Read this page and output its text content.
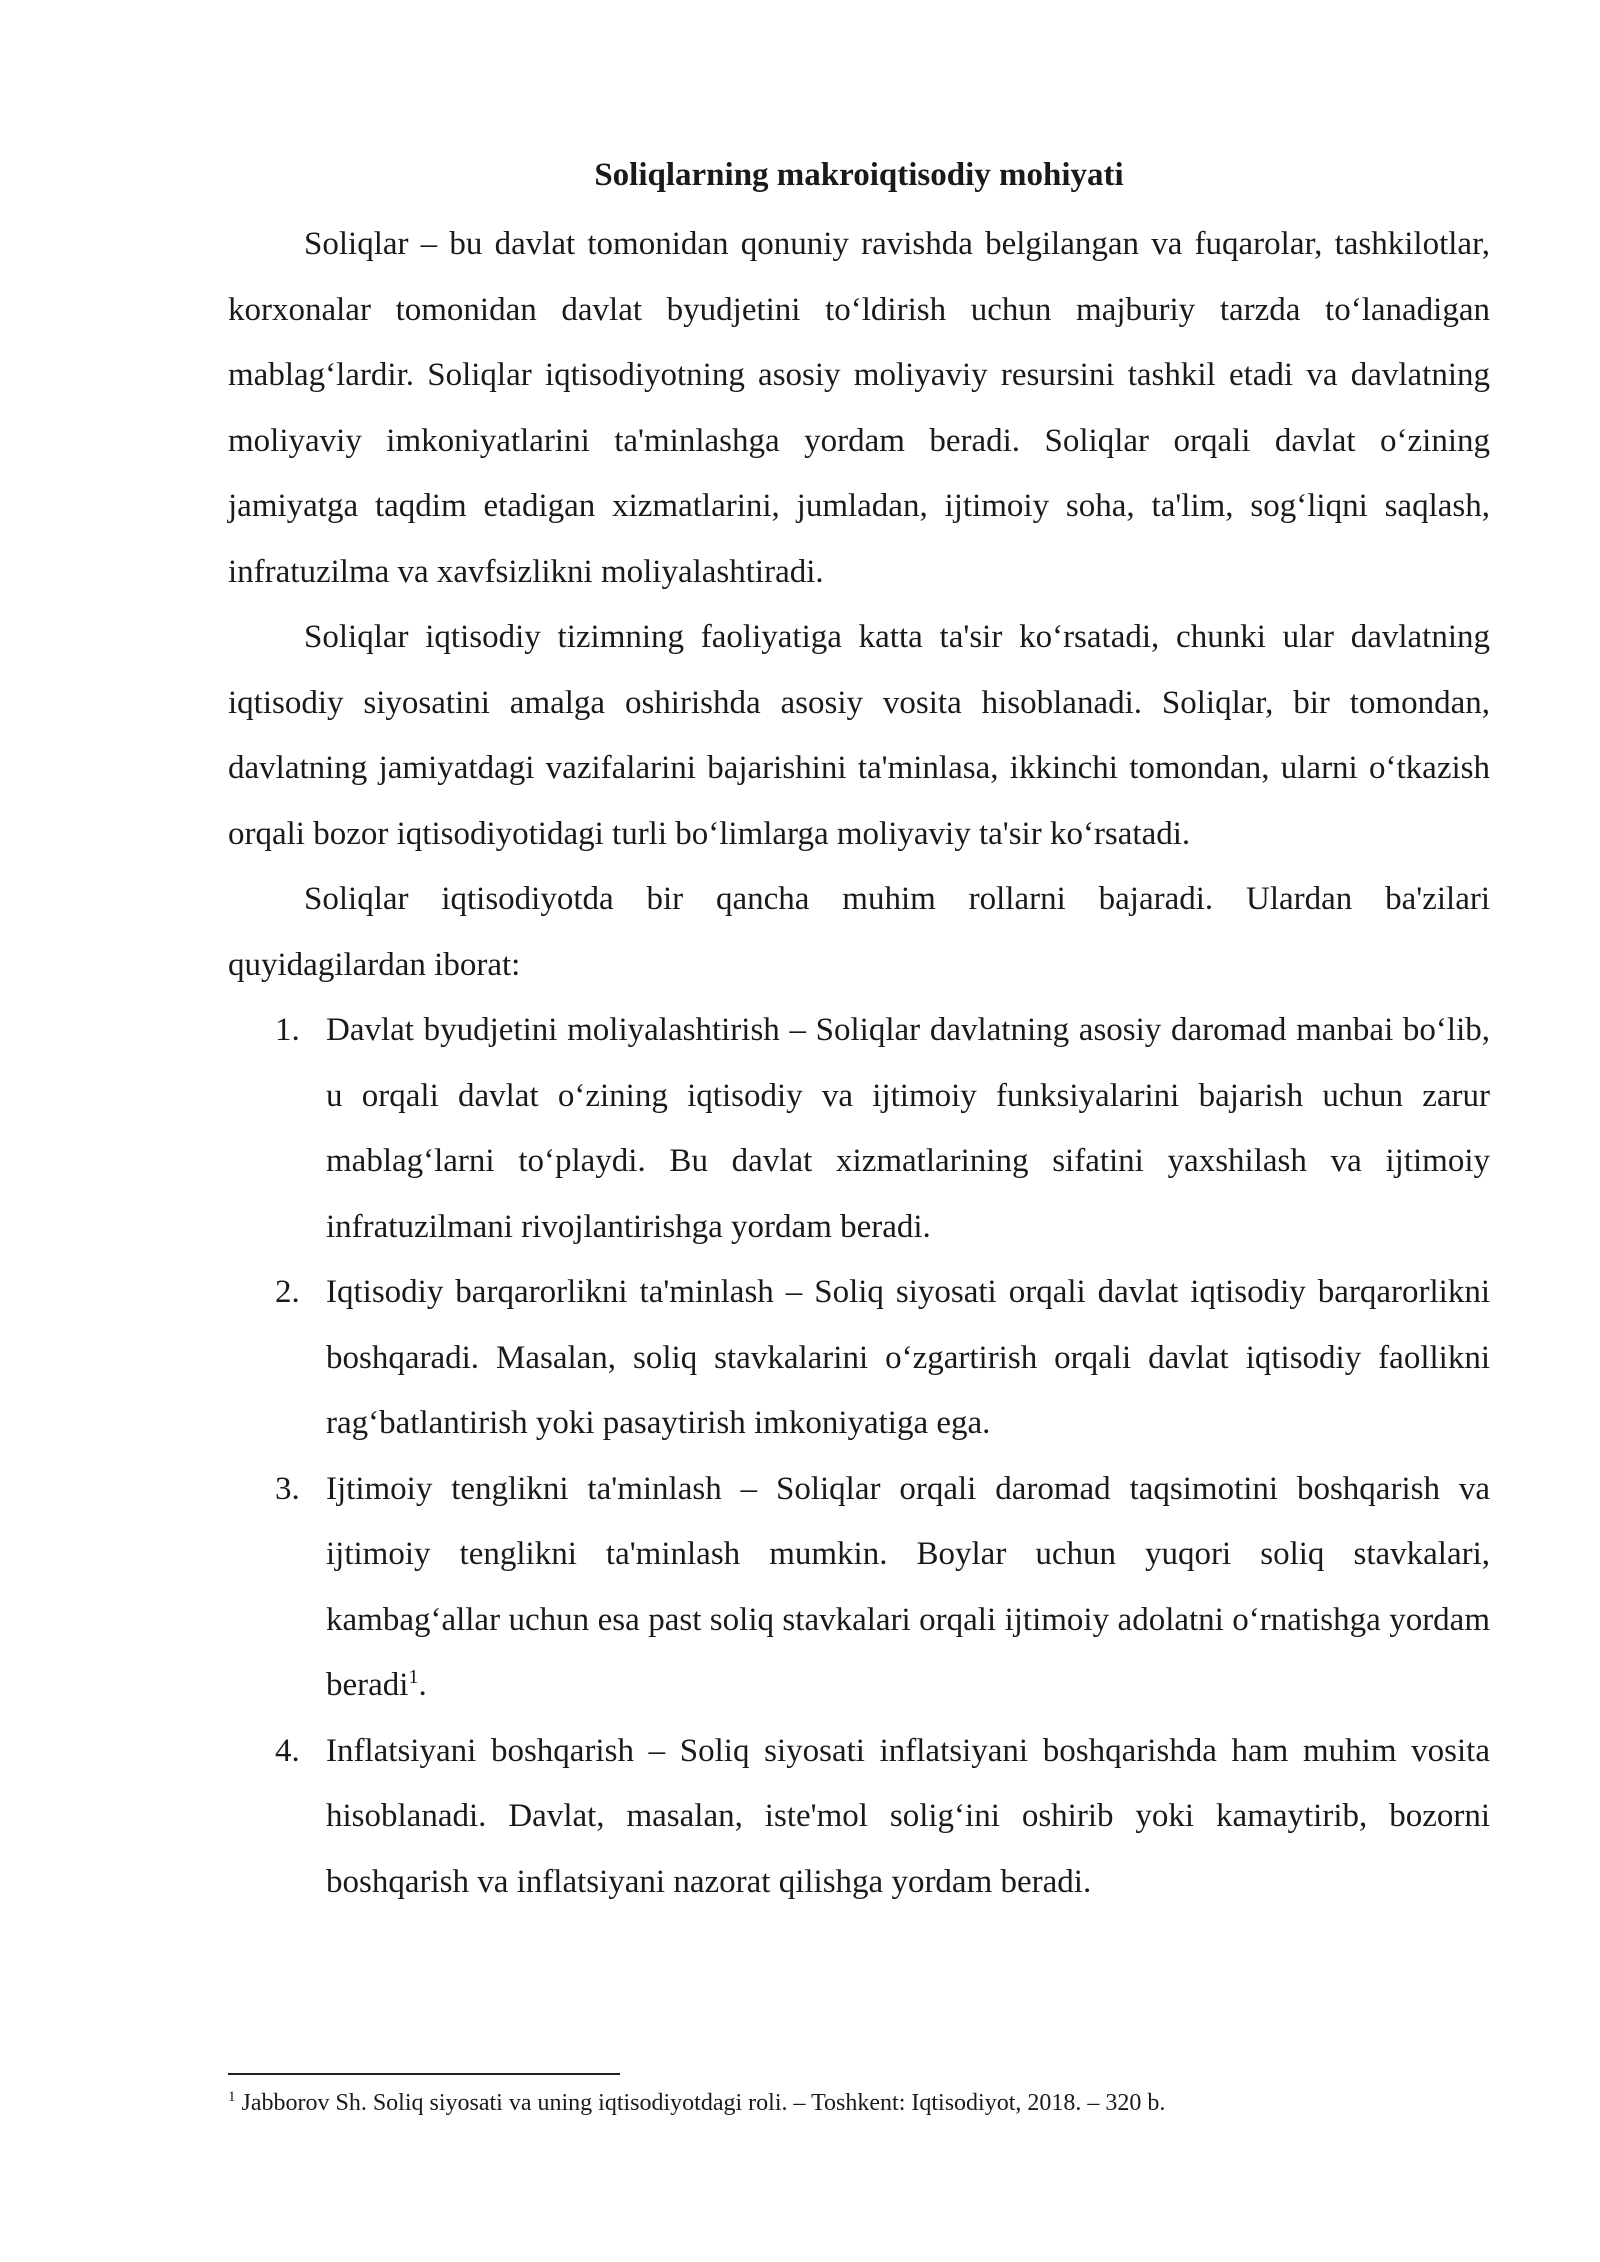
Soliqlarning makroiqtisodiy mohiyati

Soliqlar – bu davlat tomonidan qonuniy ravishda belgilangan va fuqarolar, tashkilotlar, korxonalar tomonidan davlat byudjetini to‘ldirish uchun majburiy tarzda to‘lanadigan mablag‘lardir. Soliqlar iqtisodiyotning asosiy moliyaviy resursini tashkil etadi va davlatning moliyaviy imkoniyatlarini ta'minlashga yordam beradi. Soliqlar orqali davlat o‘zining jamiyatga taqdim etadigan xizmatlarini, jumladan, ijtimoiy soha, ta'lim, sog‘liqni saqlash, infratuzilma va xavfsizlikni moliyalashtiradi.

Soliqlar iqtisodiy tizimning faoliyatiga katta ta'sir ko‘rsatadi, chunki ular davlatning iqtisodiy siyosatini amalga oshirishda asosiy vosita hisoblanadi. Soliqlar, bir tomondan, davlatning jamiyatdagi vazifalarini bajarishini ta'minlasa, ikkinchi tomondan, ularni o‘tkazish orqali bozor iqtisodiyotidagi turli bo‘limlarga moliyaviy ta'sir ko‘rsatadi.

Soliqlar iqtisodiyotda bir qancha muhim rollarni bajaradi. Ulardan ba'zilari quyidagilardan iborat:

1. Davlat byudjetini moliyalashtirish – Soliqlar davlatning asosiy daromad manbai bo‘lib, u orqali davlat o‘zining iqtisodiy va ijtimoiy funksiyalarini bajarish uchun zarur mablag‘larni to‘playdi. Bu davlat xizmatlarining sifatini yaxshilash va ijtimoiy infratuzilmani rivojlantirishga yordam beradi.
2. Iqtisodiy barqarorlikni ta'minlash – Soliq siyosati orqali davlat iqtisodiy barqarorlikni boshqaradi. Masalan, soliq stavkalarini o‘zgartirish orqali davlat iqtisodiy faollikni rag‘batlantirish yoki pasaytirish imkoniyatiga ega.
3. Ijtimoiy tenglikni ta'minlash – Soliqlar orqali daromad taqsimotini boshqarish va ijtimoiy tenglikni ta'minlash mumkin. Boylar uchun yuqori soliq stavkalari, kambag‘allar uchun esa past soliq stavkalari orqali ijtimoiy adolatni o‘rnatishga yordam beradi$^1$.
4. Inflatsiyani boshqarish – Soliq siyosati inflatsiyani boshqarishda ham muhim vosita hisoblanadi. Davlat, masalan, iste'mol solig‘ini oshirib yoki kamaytirib, bozorni boshqarish va inflatsiyani nazorat qilishga yordam beradi.
$^1$ Jabborov Sh. Soliq siyosati va uning iqtisodiyotdagi roli. – Toshkent: Iqtisodiyot, 2018. – 320 b.
